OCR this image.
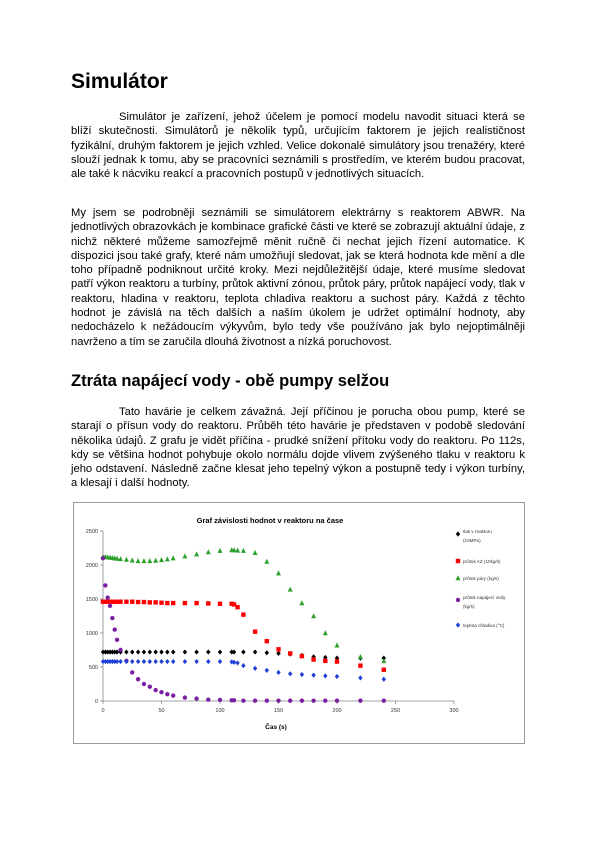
Simulátor

Simulátor je zařízení, jehož účelem je pomocí modelu navodit situaci která se blíží skutečnosti. Simulátorů je několik typů, určujícím faktorem je jejich realističnost fyzikální, druhým faktorem je jejich vzhled. Velice dokonalé simulátory jsou trenažéry, které slouží jednak k tomu, aby se pracovníci seznámili s prostředím, ve kterém budou pracovat, ale také k nácviku reakcí a pracovních postupů v jednotlivých situacích.

My jsem se podrobněji seznámili se simulátorem elektrárny s reaktorem ABWR. Na jednotlivých obrazovkách je kombinace grafické části ve které se zobrazují aktuální údaje, z nichž některé můžeme samozřejmě měnit ručně či nechat jejich řízení automatice. K dispozici jsou také grafy, které nám umožňují sledovat, jak se která hodnota kde mění a dle toho případně podniknout určité kroky. Mezi nejdůležitější údaje, které musíme sledovat patří výkon reaktoru a turbíny, průtok aktivní zónou, průtok páry, průtok napájecí vody, tlak v reaktoru, hladina v reaktoru, teplota chladiva reaktoru a suchost páry. Každá z těchto hodnot je závislá na těch dalších a naším úkolem je udržet optimální hodnoty, aby nedocházelo k nežádoucím výkyvům, bylo tedy vše používáno jak bylo nejoptimálněji navrženo a tím se zaručila dlouhá životnost a nízká poruchovost.

Ztráta napájecí vody - obě pumpy selžou

Tato havárie je celkem závažná. Její příčinou je porucha obou pump, které se starají o přísun vody do reaktoru. Průběh této havárie je představen v podobě sledování několika údajů. Z grafu je vidět příčina - prudké snížení přítoku vody do reaktoru. Po 112s, kdy se většina hodnot pohybuje okolo normálu dojde vlivem zvýšeného tlaku v reaktoru k jeho odstavení. Následně začne klesat jeho tepelný výkon a postupně tedy i výkon turbíny, a klesají i další hodnoty.

Graf závislosti hodnot v reaktoru na čase
Čas (s)
0
500
1000
1500
2000
2500
0	50	100	150	200	250	300
tlak v reaktoru (10MPa)
průtok AZ (10kg/s)
průtok páry (kg/s)
průtok napájecí vody (kg/s)
teplota chladiva (°C)
